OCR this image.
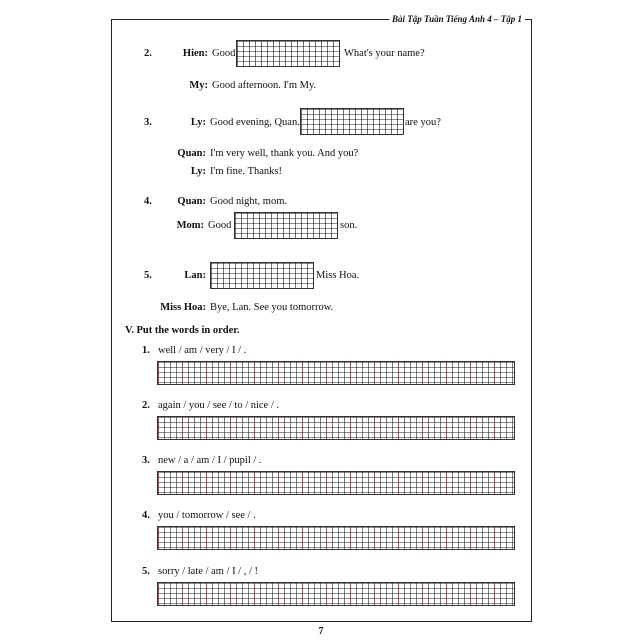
Bài Tập Tuần Tiếng Anh 4 – Tập 1
2.	Hien: Good	What's your name?
My: Good afternoon. I'm My.
3.	Ly: Good evening, Quan.	are you?
Quan: I'm very well, thank you. And you?
Ly: I'm fine. Thanks!
4.	Quan: Good night, mom.
Mom: Good	son.
5.	Lan:	Miss Hoa.
Miss Hoa: Bye, Lan. See you tomorrow.
V. Put the words in order.
1. well / am / very / I / .
2. again / you / see / to / nice / .
3. new / a / am / I / pupil / .
4. you / tomorrow / see / .
5. sorry / late / am / I / , / !
7
